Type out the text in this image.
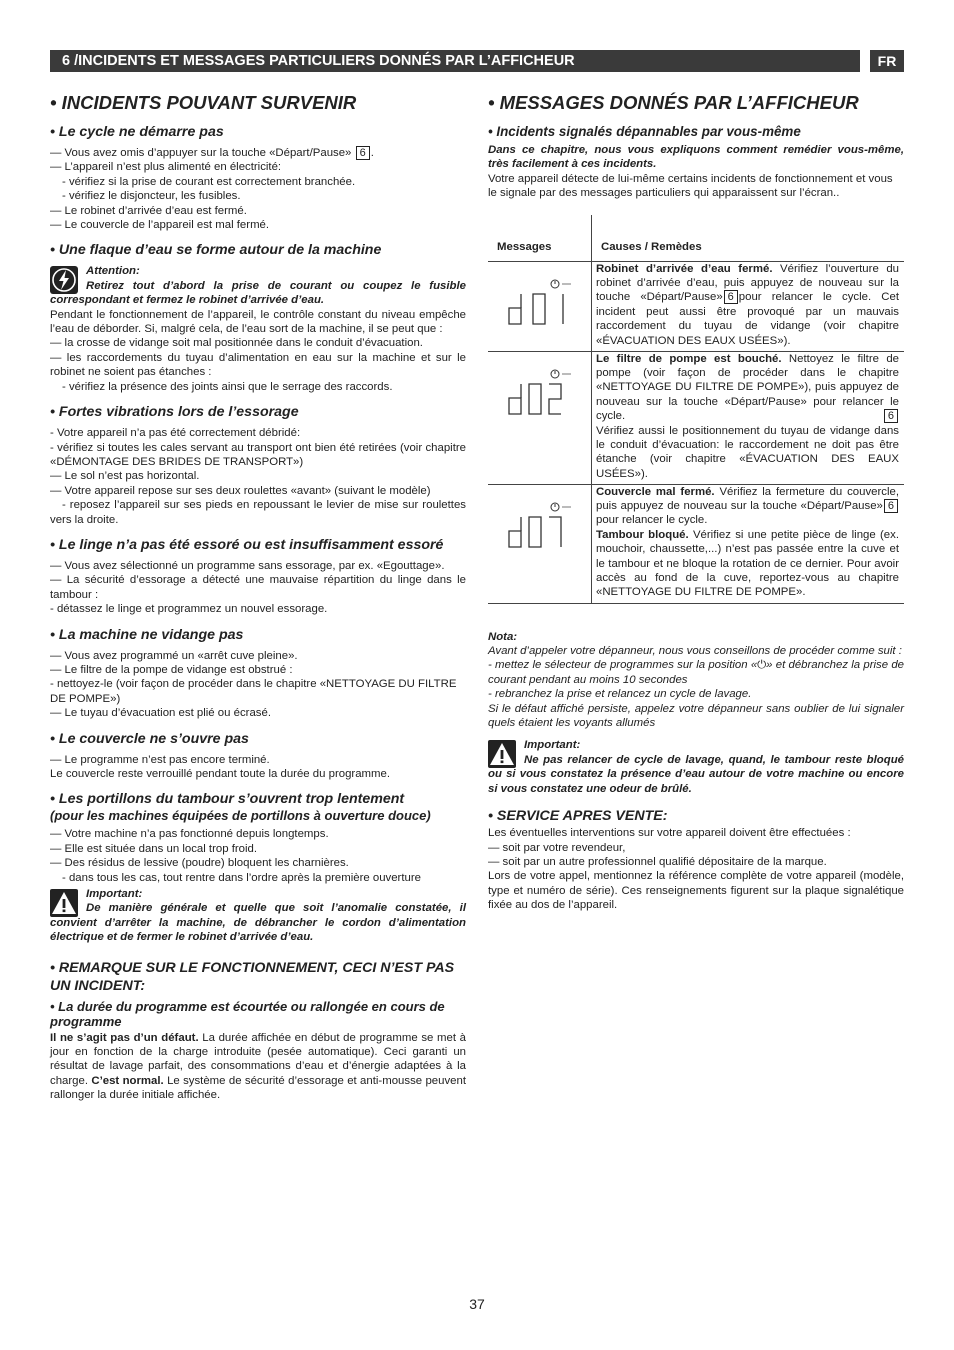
6 /INCIDENTS ET MESSAGES PARTICULIERS DONNÉS PAR L’AFFICHEUR	FR
• INCIDENTS POUVANT SURVENIR
• Le cycle ne démarre pas

— Vous avez omis d’appuyer sur la touche «Départ/Pause» 6 .

— L’appareil n’est plus alimenté en électricité:

- vérifiez si la prise de courant est correctement branchée.

- vérifiez le disjoncteur, les fusibles.

— Le robinet d’arrivée d’eau est fermé.

— Le couvercle de l’appareil est mal fermé.

• Une flaque d’eau se forme autour de la machine

Attention:

Retirez tout d’abord la prise de courant ou coupez le fusible correspondant et fermez le robinet d’arrivée d’eau.

Pendant le fonctionnement de l’appareil, le contrôle constant du niveau empêche l’eau de déborder. Si, malgré cela, de l’eau sort de la machine, il se peut que :

— la crosse de vidange soit mal positionnée dans le conduit d’évacuation.

— les raccordements du tuyau d’alimentation en eau sur la machine et sur le robinet ne soient pas étanches :

- vérifiez la présence des joints ainsi que le serrage des raccords.

• Fortes vibrations lors de l’essorage

- Votre appareil n’a pas été correctement débridé:

- vérifiez si toutes les cales servant au transport ont bien été retirées (voir chapitre «DÉMONTAGE DES BRIDES DE TRANSPORT»)

— Le sol n’est pas horizontal.

— Votre appareil repose sur ses deux roulettes «avant» (suivant le modèle)

- reposez l’appareil sur ses pieds en repoussant le levier de mise sur roulettes vers la droite.

• Le linge n’a pas été essoré ou est insuffisamment essoré

— Vous avez sélectionné un programme sans essorage, par ex. «Egouttage».

— La sécurité d’essorage a détecté une mauvaise répartition du linge dans le tambour :

- détassez le linge et programmez un nouvel essorage.

• La machine ne vidange pas

— Vous avez programmé un «arrêt cuve pleine».

— Le filtre de la pompe de vidange est obstrué :

- nettoyez-le (voir façon de procéder dans le chapitre «NETTOYAGE DU FILTRE DE POMPE»)

— Le tuyau d’évacuation est plié ou écrasé.

• Le couvercle ne s’ouvre pas

— Le programme n’est pas encore terminé.

Le couvercle reste verrouillé pendant toute la durée du programme.

• Les portillons du tambour s’ouvrent trop lentement
(pour les machines équipées de portillons à ouverture douce)

— Votre machine n’a pas fonctionné depuis longtemps.

— Elle est située dans un local trop froid.

— Des résidus de lessive (poudre) bloquent les charnières.

- dans tous les cas, tout rentre dans l’ordre après la première ouverture

Important:

De manière générale et quelle que soit l’anomalie constatée, il convient d’arrêter la machine, de débrancher le cordon d’alimentation électrique et de fermer le robinet d’arrivée d’eau.

• REMARQUE SUR LE FONCTIONNEMENT, CECI N’EST PAS UN INCIDENT:
• La durée du programme est écourtée ou rallongée en cours de programme

Il ne s’agit pas d’un défaut. La durée affichée en début de programme se met à jour en fonction de la charge introduite (pesée automatique). Ceci garanti un résultat de lavage parfait, des consommations d’eau et d’énergie adaptées à la charge. C’est normal. Le système de sécurité d’essorage et anti-mousse peuvent rallonger la durée initiale affichée.

• MESSAGES DONNÉS PAR L’AFFICHEUR
• Incidents signalés dépannables par vous-même

Dans ce chapitre, nous vous expliquons comment remédier vous-même, très facilement à ces incidents.

Votre appareil détecte de lui-même certains incidents de fonctionnement et vous le signale par des messages particuliers qui apparaissent sur l’écran..

Messages	Causes / Remèdes

	Robinet d’arrivée d’eau fermé. Vérifiez l’ouverture du robinet d’arrivée d’eau, puis appuyez de nouveau sur la touche «Départ/Pause» 6 pour relancer le cycle. Cet incident peut aussi être provoqué par un mauvais raccordement du tuyau de vidange (voir chapitre «ÉVACUATION DES EAUX USÉES»).

	Le filtre de pompe est bouché. Nettoyez le filtre de pompe (voir façon de procéder dans le chapitre «NETTOYAGE DU FILTRE DE POMPE»), puis appuyez de nouveau sur la touche «Départ/Pause» pour relancer le cycle. 6

Vérifiez aussi le positionnement du tuyau de vidange dans le conduit d’évacuation: le raccordement ne doit pas être étanche (voir chapitre «ÉVACUATION DES EAUX USÉES»).

	Couvercle mal fermé. Vérifiez la fermeture du couvercle, puis appuyez de nouveau sur la touche «Départ/Pause» 6 pour relancer le cycle.
Tambour bloqué. Vérifiez si une petite pièce de linge (ex. mouchoir, chaussette,...) n’est pas passée entre la cuve et le tambour et ne bloque la rotation de ce dernier. Pour avoir accès au fond de la cuve, reportez-vous au chapitre «NETTOYAGE DU FILTRE DE POMPE».

Nota:

Avant d’appeler votre dépanneur, nous vous conseillons de procéder comme suit :

- mettez le sélecteur de programmes sur la position «⏻» et débranchez la prise de courant pendant au moins 10 secondes

- rebranchez la prise et relancez un cycle de lavage.

Si le défaut affiché persiste, appelez votre dépanneur sans oublier de lui signaler quels étaient les voyants allumés

Important:

Ne pas relancer de cycle de lavage, quand, le tambour reste bloqué ou si vous constatez la présence d’eau autour de votre machine ou encore si vous constatez une odeur de brûlé.

• SERVICE APRES VENTE:

Les éventuelles interventions sur votre appareil doivent être effectuées :

— soit par votre revendeur,

— soit par un autre professionnel qualifié dépositaire de la marque.

Lors de votre appel, mentionnez la référence complète de votre appareil (modèle, type et numéro de série). Ces renseignements figurent sur la plaque signalétique fixée au dos de l’appareil.

37
